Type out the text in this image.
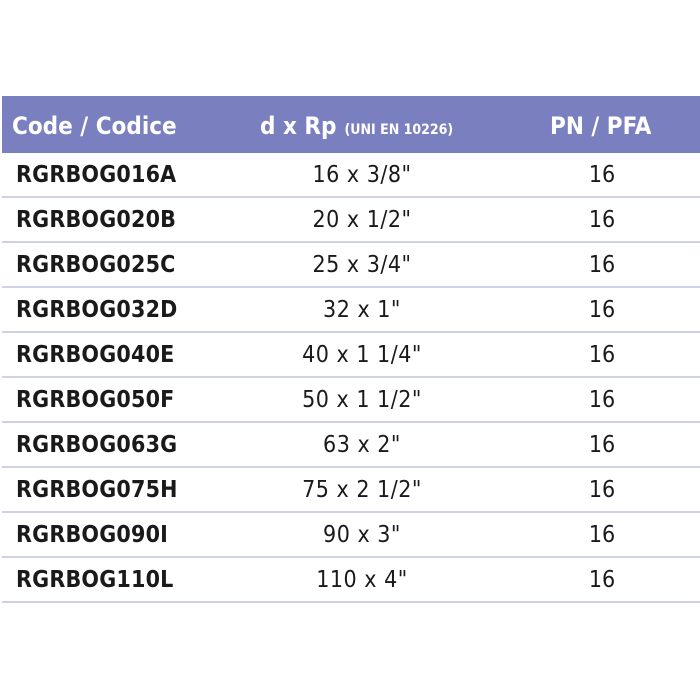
Code / Codice	d x Rp (UNI EN 10226)	PN / PFA
RGRBOG016A	16 x 3/8"	16
RGRBOG020B	20 x 1/2"	16
RGRBOG025C	25 x 3/4"	16
RGRBOG032D	32 x 1"	16
RGRBOG040E	40 x 1 1/4"	16
RGRBOG050F	50 x 1 1/2"	16
RGRBOG063G	63 x 2"	16
RGRBOG075H	75 x 2 1/2"	16
RGRBOG090I	90 x 3"	16
RGRBOG110L	110 x 4"	16
